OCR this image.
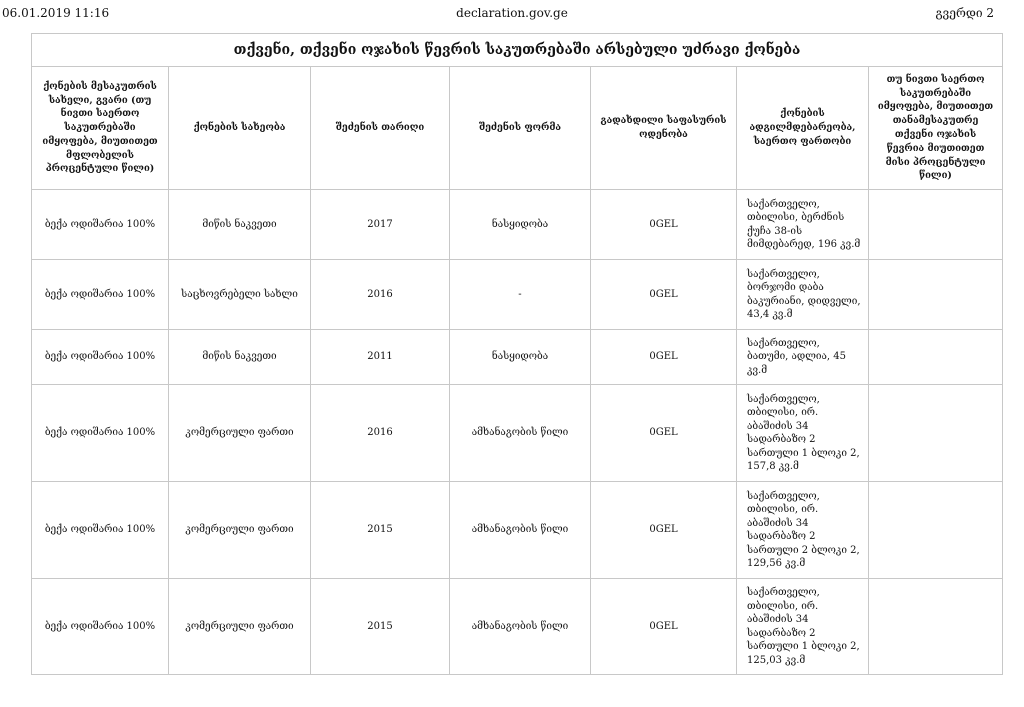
06.01.2019 11:16	declaration.gov.ge	გვერდი 2
თქვენი, თქვენი ოჯახის წევრის საკუთრებაში არსებული უძრავი ქონება						
ქონების მესაკუთრის სახელი, გვარი (თუ ნივთი საერთო საკუთრებაში იმყოფება, მიუთითეთ მფლობელის პროცენტული წილი)	ქონების სახეობა	შეძენის თარიღი	შეძენის ფორმა	გადახდილი საფასურის ოდენობა	ქონების ადგილმდებარეობა, საერთო ფართობი	თუ ნივთი საერთო საკუთრებაში იმყოფება, მიუთითეთ თანამესაკუთრე თქვენი ოჯახის წევრია მიუთითეთ მისი პროცენტული წილი)
ბექა ოდიშარია 100%	მიწის ნაკვეთი	2017	ნასყიდობა	0GEL	საქართველო, თბილისი, ბერძნის ქუჩა 38-ის მიმდებარედ, 196 კვ.მ	
ბექა ოდიშარია 100%	საცხოვრებელი სახლი	2016	-	0GEL	საქართველო, ბორჯომი დაბა ბაკურიანი, დიდველი, 43,4 კვ.მ	
ბექა ოდიშარია 100%	მიწის ნაკვეთი	2011	ნასყიდობა	0GEL	საქართველო, ბათუმი, ადლია, 45 კვ.მ	
ბექა ოდიშარია 100%	კომერციული ფართი	2016	ამხანაგობის წილი	0GEL	საქართველო, თბილისი, ირ. აბაშიძის 34 სადარბაზო 2 სართული 1 ბლოკი 2, 157,8 კვ.მ	
ბექა ოდიშარია 100%	კომერციული ფართი	2015	ამხანაგობის წილი	0GEL	საქართველო, თბილისი, ირ. აბაშიძის 34 სადარბაზო 2 სართული 2 ბლოკი 2, 129,56 კვ.მ	
ბექა ოდიშარია 100%	კომერციული ფართი	2015	ამხანაგობის წილი	0GEL	საქართველო, თბილისი, ირ. აბაშიძის 34 სადარბაზო 2 სართული 1 ბლოკი 2, 125,03 კვ.მ	
